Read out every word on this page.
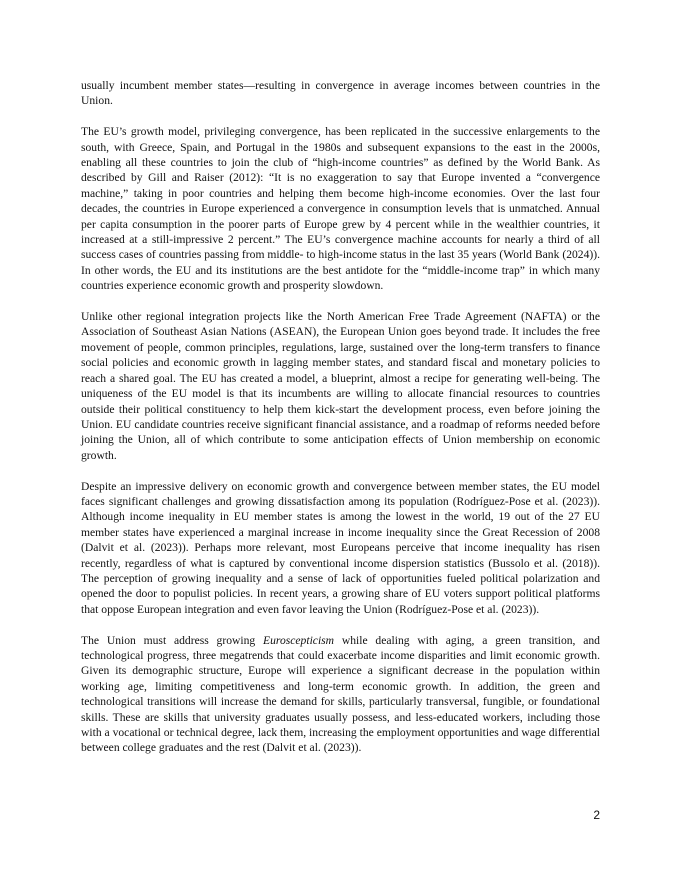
usually incumbent member states—resulting in convergence in average incomes between countries in the Union.

The EU’s growth model, privileging convergence, has been replicated in the successive enlargements to the south, with Greece, Spain, and Portugal in the 1980s and subsequent expansions to the east in the 2000s, enabling all these countries to join the club of “high-income countries” as defined by the World Bank. As described by Gill and Raiser (2012): “It is no exaggeration to say that Europe invented a “convergence machine,” taking in poor countries and helping them become high-income economies. Over the last four decades, the countries in Europe experienced a convergence in consumption levels that is unmatched. Annual per capita consumption in the poorer parts of Europe grew by 4 percent while in the wealthier countries, it increased at a still-impressive 2 percent.” The EU’s convergence machine accounts for nearly a third of all success cases of countries passing from middle- to high-income status in the last 35 years (World Bank (2024)). In other words, the EU and its institutions are the best antidote for the “middle-income trap” in which many countries experience economic growth and prosperity slowdown.

Unlike other regional integration projects like the North American Free Trade Agreement (NAFTA) or the Association of Southeast Asian Nations (ASEAN), the European Union goes beyond trade. It includes the free movement of people, common principles, regulations, large, sustained over the long-term transfers to finance social policies and economic growth in lagging member states, and standard fiscal and monetary policies to reach a shared goal. The EU has created a model, a blueprint, almost a recipe for generating well-being. The uniqueness of the EU model is that its incumbents are willing to allocate financial resources to countries outside their political constituency to help them kick-start the development process, even before joining the Union. EU candidate countries receive significant financial assistance, and a roadmap of reforms needed before joining the Union, all of which contribute to some anticipation effects of Union membership on economic growth.

Despite an impressive delivery on economic growth and convergence between member states, the EU model faces significant challenges and growing dissatisfaction among its population (Rodríguez-Pose et al. (2023)). Although income inequality in EU member states is among the lowest in the world, 19 out of the 27 EU member states have experienced a marginal increase in income inequality since the Great Recession of 2008 (Dalvit et al. (2023)). Perhaps more relevant, most Europeans perceive that income inequality has risen recently, regardless of what is captured by conventional income dispersion statistics (Bussolo et al. (2018)). The perception of growing inequality and a sense of lack of opportunities fueled political polarization and opened the door to populist policies. In recent years, a growing share of EU voters support political platforms that oppose European integration and even favor leaving the Union (Rodríguez-Pose et al. (2023)).

The Union must address growing Euroscepticism while dealing with aging, a green transition, and technological progress, three megatrends that could exacerbate income disparities and limit economic growth. Given its demographic structure, Europe will experience a significant decrease in the population within working age, limiting competitiveness and long-term economic growth. In addition, the green and technological transitions will increase the demand for skills, particularly transversal, fungible, or foundational skills. These are skills that university graduates usually possess, and less-educated workers, including those with a vocational or technical degree, lack them, increasing the employment opportunities and wage differential between college graduates and the rest (Dalvit et al. (2023)).

2
